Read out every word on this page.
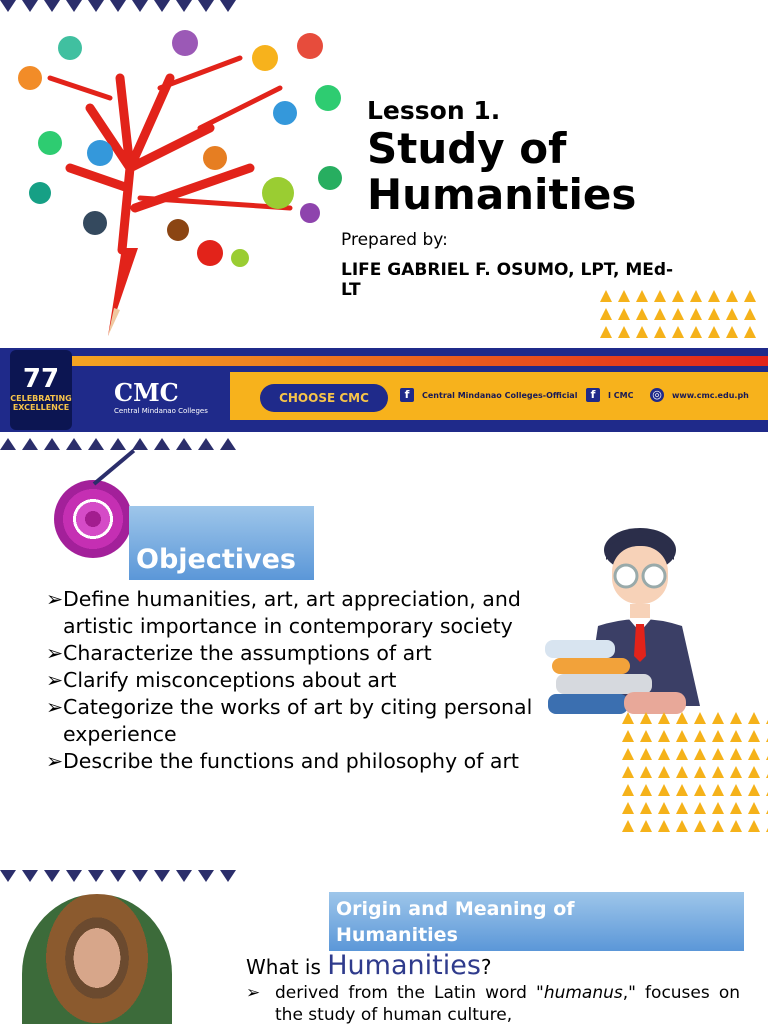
Lesson 1.
Study of
Humanities
Prepared by:
LIFE GABRIEL F. OSUMO, LPT, MEd-LT
77
CELEBRATING EXCELLENCE
CMC
Central Mindanao Colleges
CHOOSE CMC	f	Central Mindanao Colleges-Official	f	I CMC ◎ www.cmc.edu.ph
Objectives
➢ Define humanities, art, art appreciation, and artistic importance in contemporary society
➢ Characterize the assumptions of art
➢ Clarify misconceptions about art
➢ Categorize the works of art by citing personal experience
➢ Describe the functions and philosophy of art
Origin and Meaning of Humanities
What is Humanities?
➢ derived from the Latin word "humanus," focuses on the study of human culture,
